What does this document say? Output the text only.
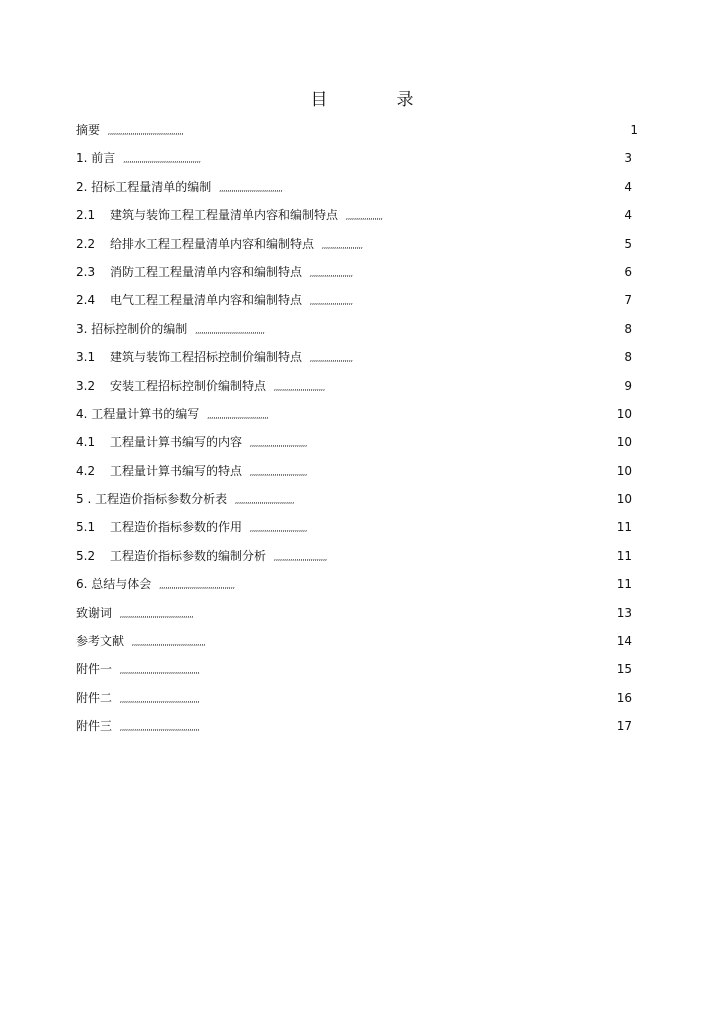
目　录
摘要 ,,,,,,,,,,,,,,,,,,,,,,,,,,,,,,,,,,,,,	1
1. 前言 ,,,,,,,,,,,,,,,,,,,,,,,,,,,,,,,,,,,,,,	3
2. 招标工程量清单的编制 ,,,,,,,,,,,,,,,,,,,,,,,,,,,,,,,	4
2.1 建筑与装饰工程工程量清单内容和编制特点 ,,,,,,,,,,,,,,,,,,	4
2.2 给排水工程工程量清单内容和编制特点 ,,,,,,,,,,,,,,,,,,,,	5
2.3 消防工程工程量清单内容和编制特点 ,,,,,,,,,,,,,,,,,,,,,	6
2.4 电气工程工程量清单内容和编制特点 ,,,,,,,,,,,,,,,,,,,,,	7
3. 招标控制价的编制 ,,,,,,,,,,,,,,,,,,,,,,,,,,,,,,,,,,	8
3.1 建筑与装饰工程招标控制价编制特点 ,,,,,,,,,,,,,,,,,,,,,	8
3.2 安装工程招标控制价编制特点 ,,,,,,,,,,,,,,,,,,,,,,,,,	9
4. 工程量计算书的编写 ,,,,,,,,,,,,,,,,,,,,,,,,,,,,,,	10
4.1 工程量计算书编写的内容 ,,,,,,,,,,,,,,,,,,,,,,,,,,,,	10
4.2 工程量计算书编写的特点 ,,,,,,,,,,,,,,,,,,,,,,,,,,,,	10
5 . 工程造价指标参数分析表 ,,,,,,,,,,,,,,,,,,,,,,,,,,,,,	10
5.1 工程造价指标参数的作用 ,,,,,,,,,,,,,,,,,,,,,,,,,,,,	11
5.2 工程造价指标参数的编制分析 ,,,,,,,,,,,,,,,,,,,,,,,,,,	11
6. 总结与体会 ,,,,,,,,,,,,,,,,,,,,,,,,,,,,,,,,,,,,,	11
致谢词 ,,,,,,,,,,,,,,,,,,,,,,,,,,,,,,,,,,,,	13
参考文献 ,,,,,,,,,,,,,,,,,,,,,,,,,,,,,,,,,,,,	14
附件一 ,,,,,,,,,,,,,,,,,,,,,,,,,,,,,,,,,,,,,,,	15
附件二 ,,,,,,,,,,,,,,,,,,,,,,,,,,,,,,,,,,,,,,,	16
附件三 ,,,,,,,,,,,,,,,,,,,,,,,,,,,,,,,,,,,,,,,	17
